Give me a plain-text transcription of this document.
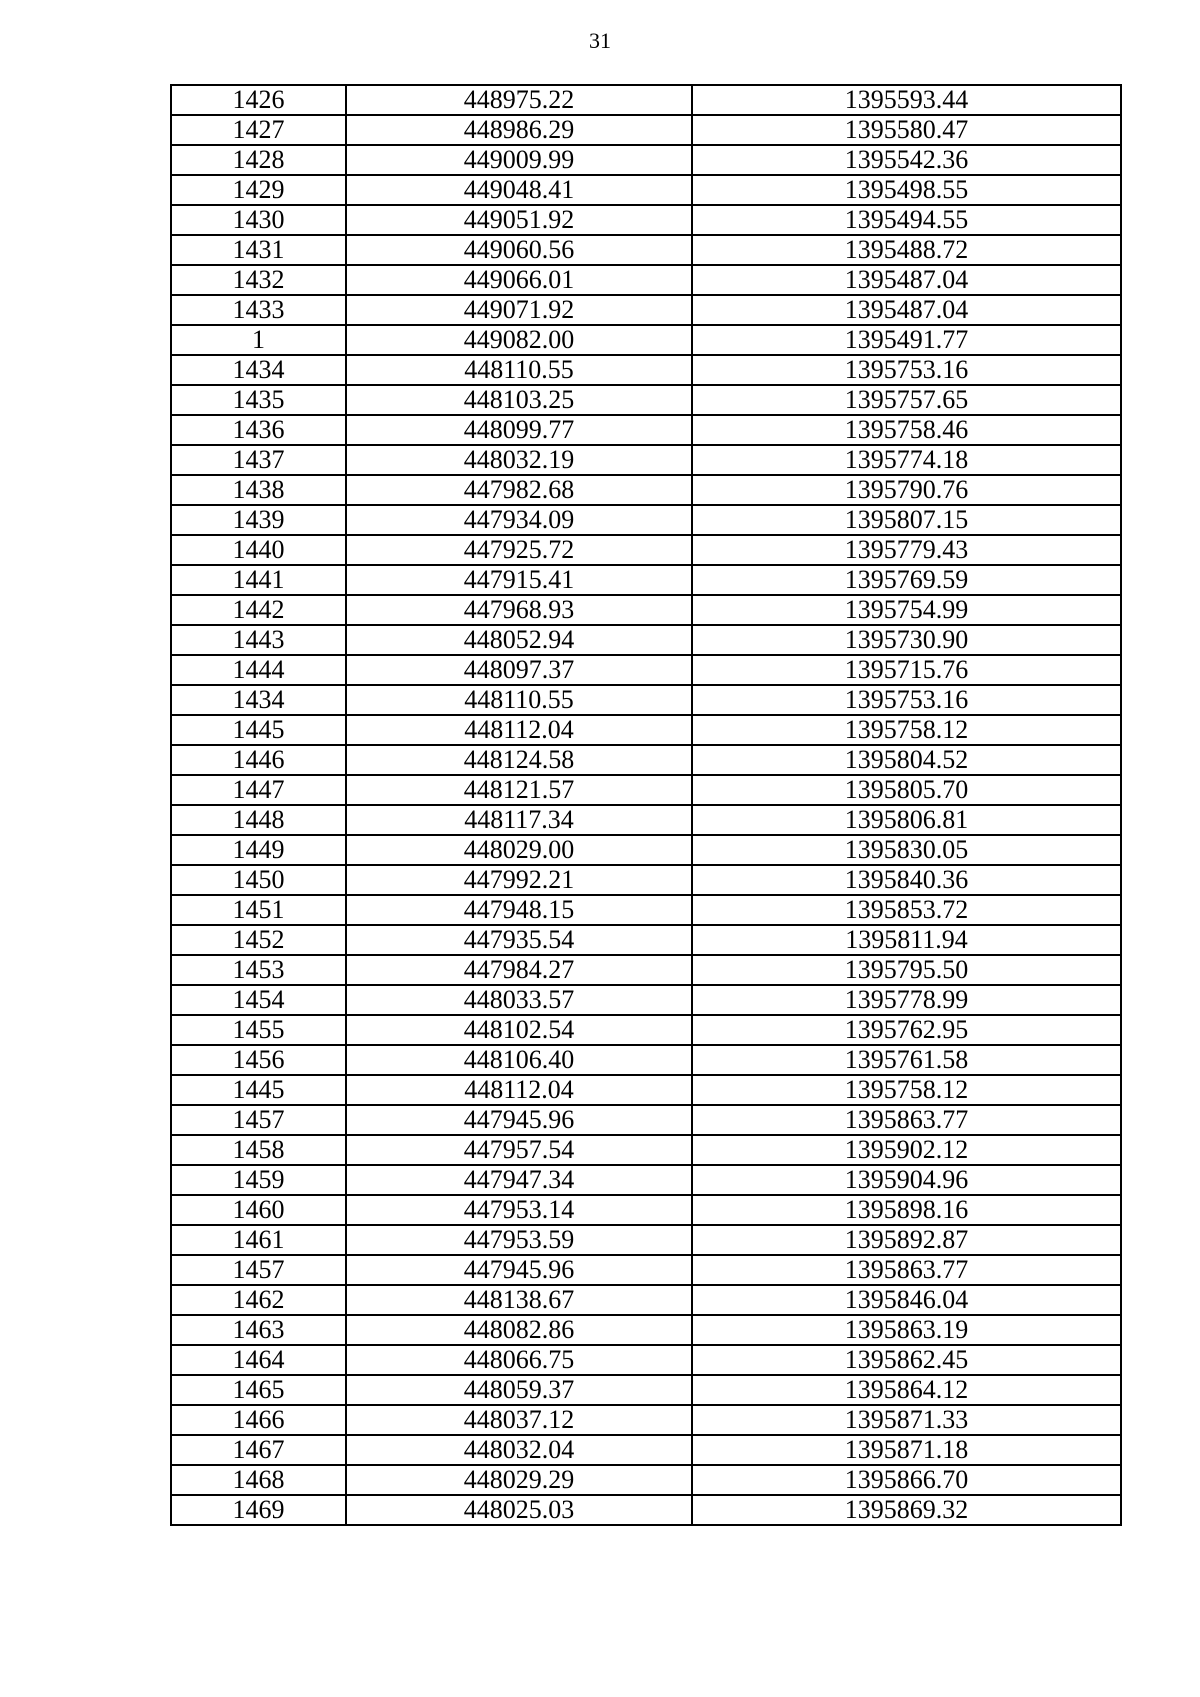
31
1426	448975.22	1395593.44
1427	448986.29	1395580.47
1428	449009.99	1395542.36
1429	449048.41	1395498.55
1430	449051.92	1395494.55
1431	449060.56	1395488.72
1432	449066.01	1395487.04
1433	449071.92	1395487.04
1	449082.00	1395491.77
1434	448110.55	1395753.16
1435	448103.25	1395757.65
1436	448099.77	1395758.46
1437	448032.19	1395774.18
1438	447982.68	1395790.76
1439	447934.09	1395807.15
1440	447925.72	1395779.43
1441	447915.41	1395769.59
1442	447968.93	1395754.99
1443	448052.94	1395730.90
1444	448097.37	1395715.76
1434	448110.55	1395753.16
1445	448112.04	1395758.12
1446	448124.58	1395804.52
1447	448121.57	1395805.70
1448	448117.34	1395806.81
1449	448029.00	1395830.05
1450	447992.21	1395840.36
1451	447948.15	1395853.72
1452	447935.54	1395811.94
1453	447984.27	1395795.50
1454	448033.57	1395778.99
1455	448102.54	1395762.95
1456	448106.40	1395761.58
1445	448112.04	1395758.12
1457	447945.96	1395863.77
1458	447957.54	1395902.12
1459	447947.34	1395904.96
1460	447953.14	1395898.16
1461	447953.59	1395892.87
1457	447945.96	1395863.77
1462	448138.67	1395846.04
1463	448082.86	1395863.19
1464	448066.75	1395862.45
1465	448059.37	1395864.12
1466	448037.12	1395871.33
1467	448032.04	1395871.18
1468	448029.29	1395866.70
1469	448025.03	1395869.32
